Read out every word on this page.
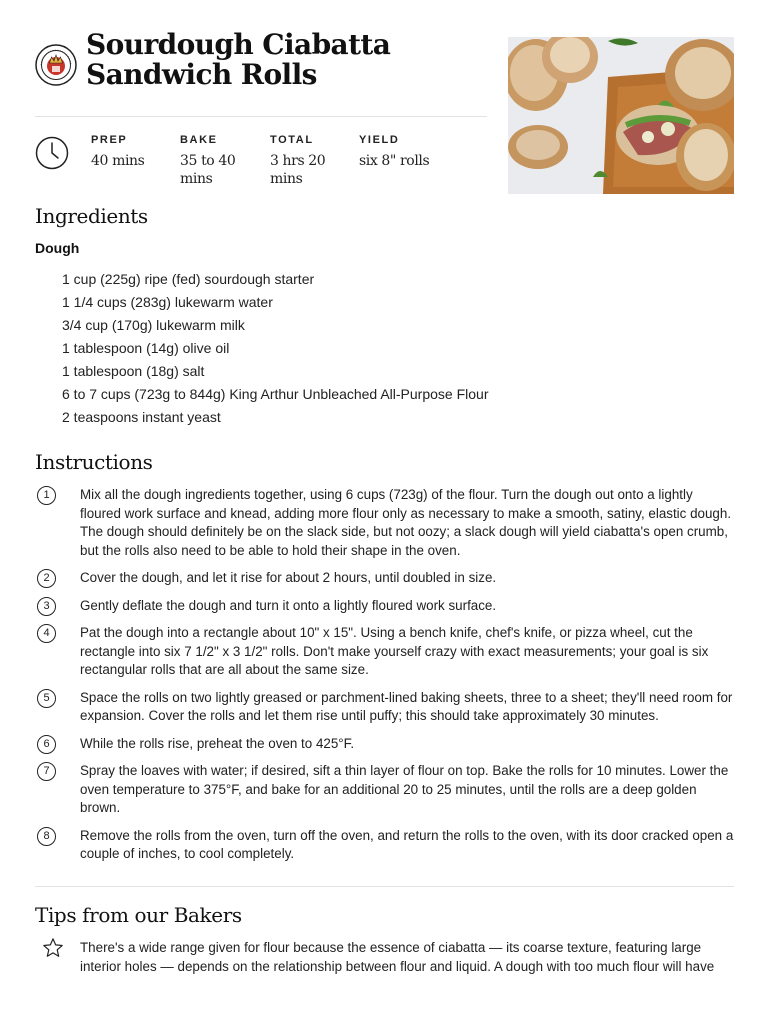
Sourdough Ciabatta Sandwich Rolls
PREP
40 mins
BAKE
35 to 40 mins
TOTAL
3 hrs 20 mins
YIELD
six 8" rolls
Ingredients
Dough
1 cup (225g) ripe (fed) sourdough starter
1 1/4 cups (283g) lukewarm water
3/4 cup (170g) lukewarm milk
1 tablespoon (14g) olive oil
1 tablespoon (18g) salt
6 to 7 cups (723g to 844g) King Arthur Unbleached All-Purpose Flour
2 teaspoons instant yeast
Instructions
1	Mix all the dough ingredients together, using 6 cups (723g) of the flour. Turn the dough out onto a lightly floured work surface and knead, adding more flour only as necessary to make a smooth, satiny, elastic dough. The dough should definitely be on the slack side, but not oozy; a slack dough will yield ciabatta's open crumb, but the rolls also need to be able to hold their shape in the oven.
2	Cover the dough, and let it rise for about 2 hours, until doubled in size.
3	Gently deflate the dough and turn it onto a lightly floured work surface.
4	Pat the dough into a rectangle about 10" x 15". Using a bench knife, chef's knife, or pizza wheel, cut the rectangle into six 7 1/2" x 3 1/2" rolls. Don't make yourself crazy with exact measurements; your goal is six rectangular rolls that are all about the same size.
5	Space the rolls on two lightly greased or parchment-lined baking sheets, three to a sheet; they'll need room for expansion. Cover the rolls and let them rise until puffy; this should take approximately 30 minutes.
6	While the rolls rise, preheat the oven to 425°F.
7	Spray the loaves with water; if desired, sift a thin layer of flour on top. Bake the rolls for 10 minutes. Lower the oven temperature to 375°F, and bake for an additional 20 to 25 minutes, until the rolls are a deep golden brown.
8	Remove the rolls from the oven, turn off the oven, and return the rolls to the oven, with its door cracked open a couple of inches, to cool completely.
Tips from our Bakers
There's a wide range given for flour because the essence of ciabatta — its coarse texture, featuring large interior holes — depends on the relationship between flour and liquid. A dough with too much flour will have
